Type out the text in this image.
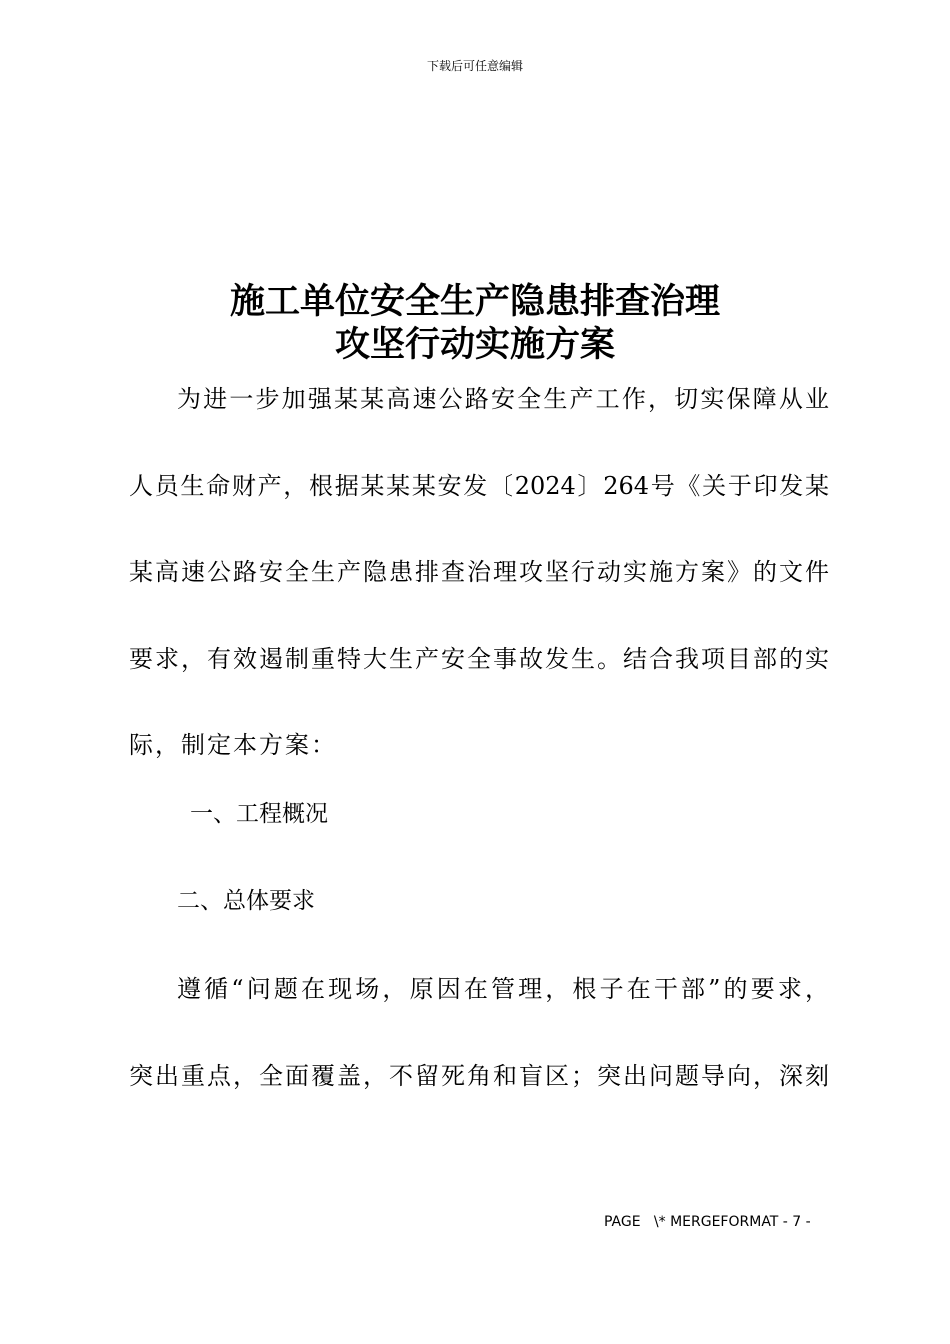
下载后可任意编辑
施工单位安全生产隐患排查治理
攻坚行动实施方案
为进一步加强某某高速公路安全生产工作，切实保障从业
人员生命财产，根据某某某安发〔2024〕264号《关于印发某
某高速公路安全生产隐患排查治理攻坚行动实施方案》的文件
要求，有效遏制重特大生产安全事故发生。结合我项目部的实
际，制定本方案：
一、工程概况
二、总体要求
遵循“问题在现场，原因在管理，根子在干部”的要求，
突出重点，全面覆盖，不留死角和盲区；突出问题导向，深刻
PAGE   \* MERGEFORMAT - 7 -
